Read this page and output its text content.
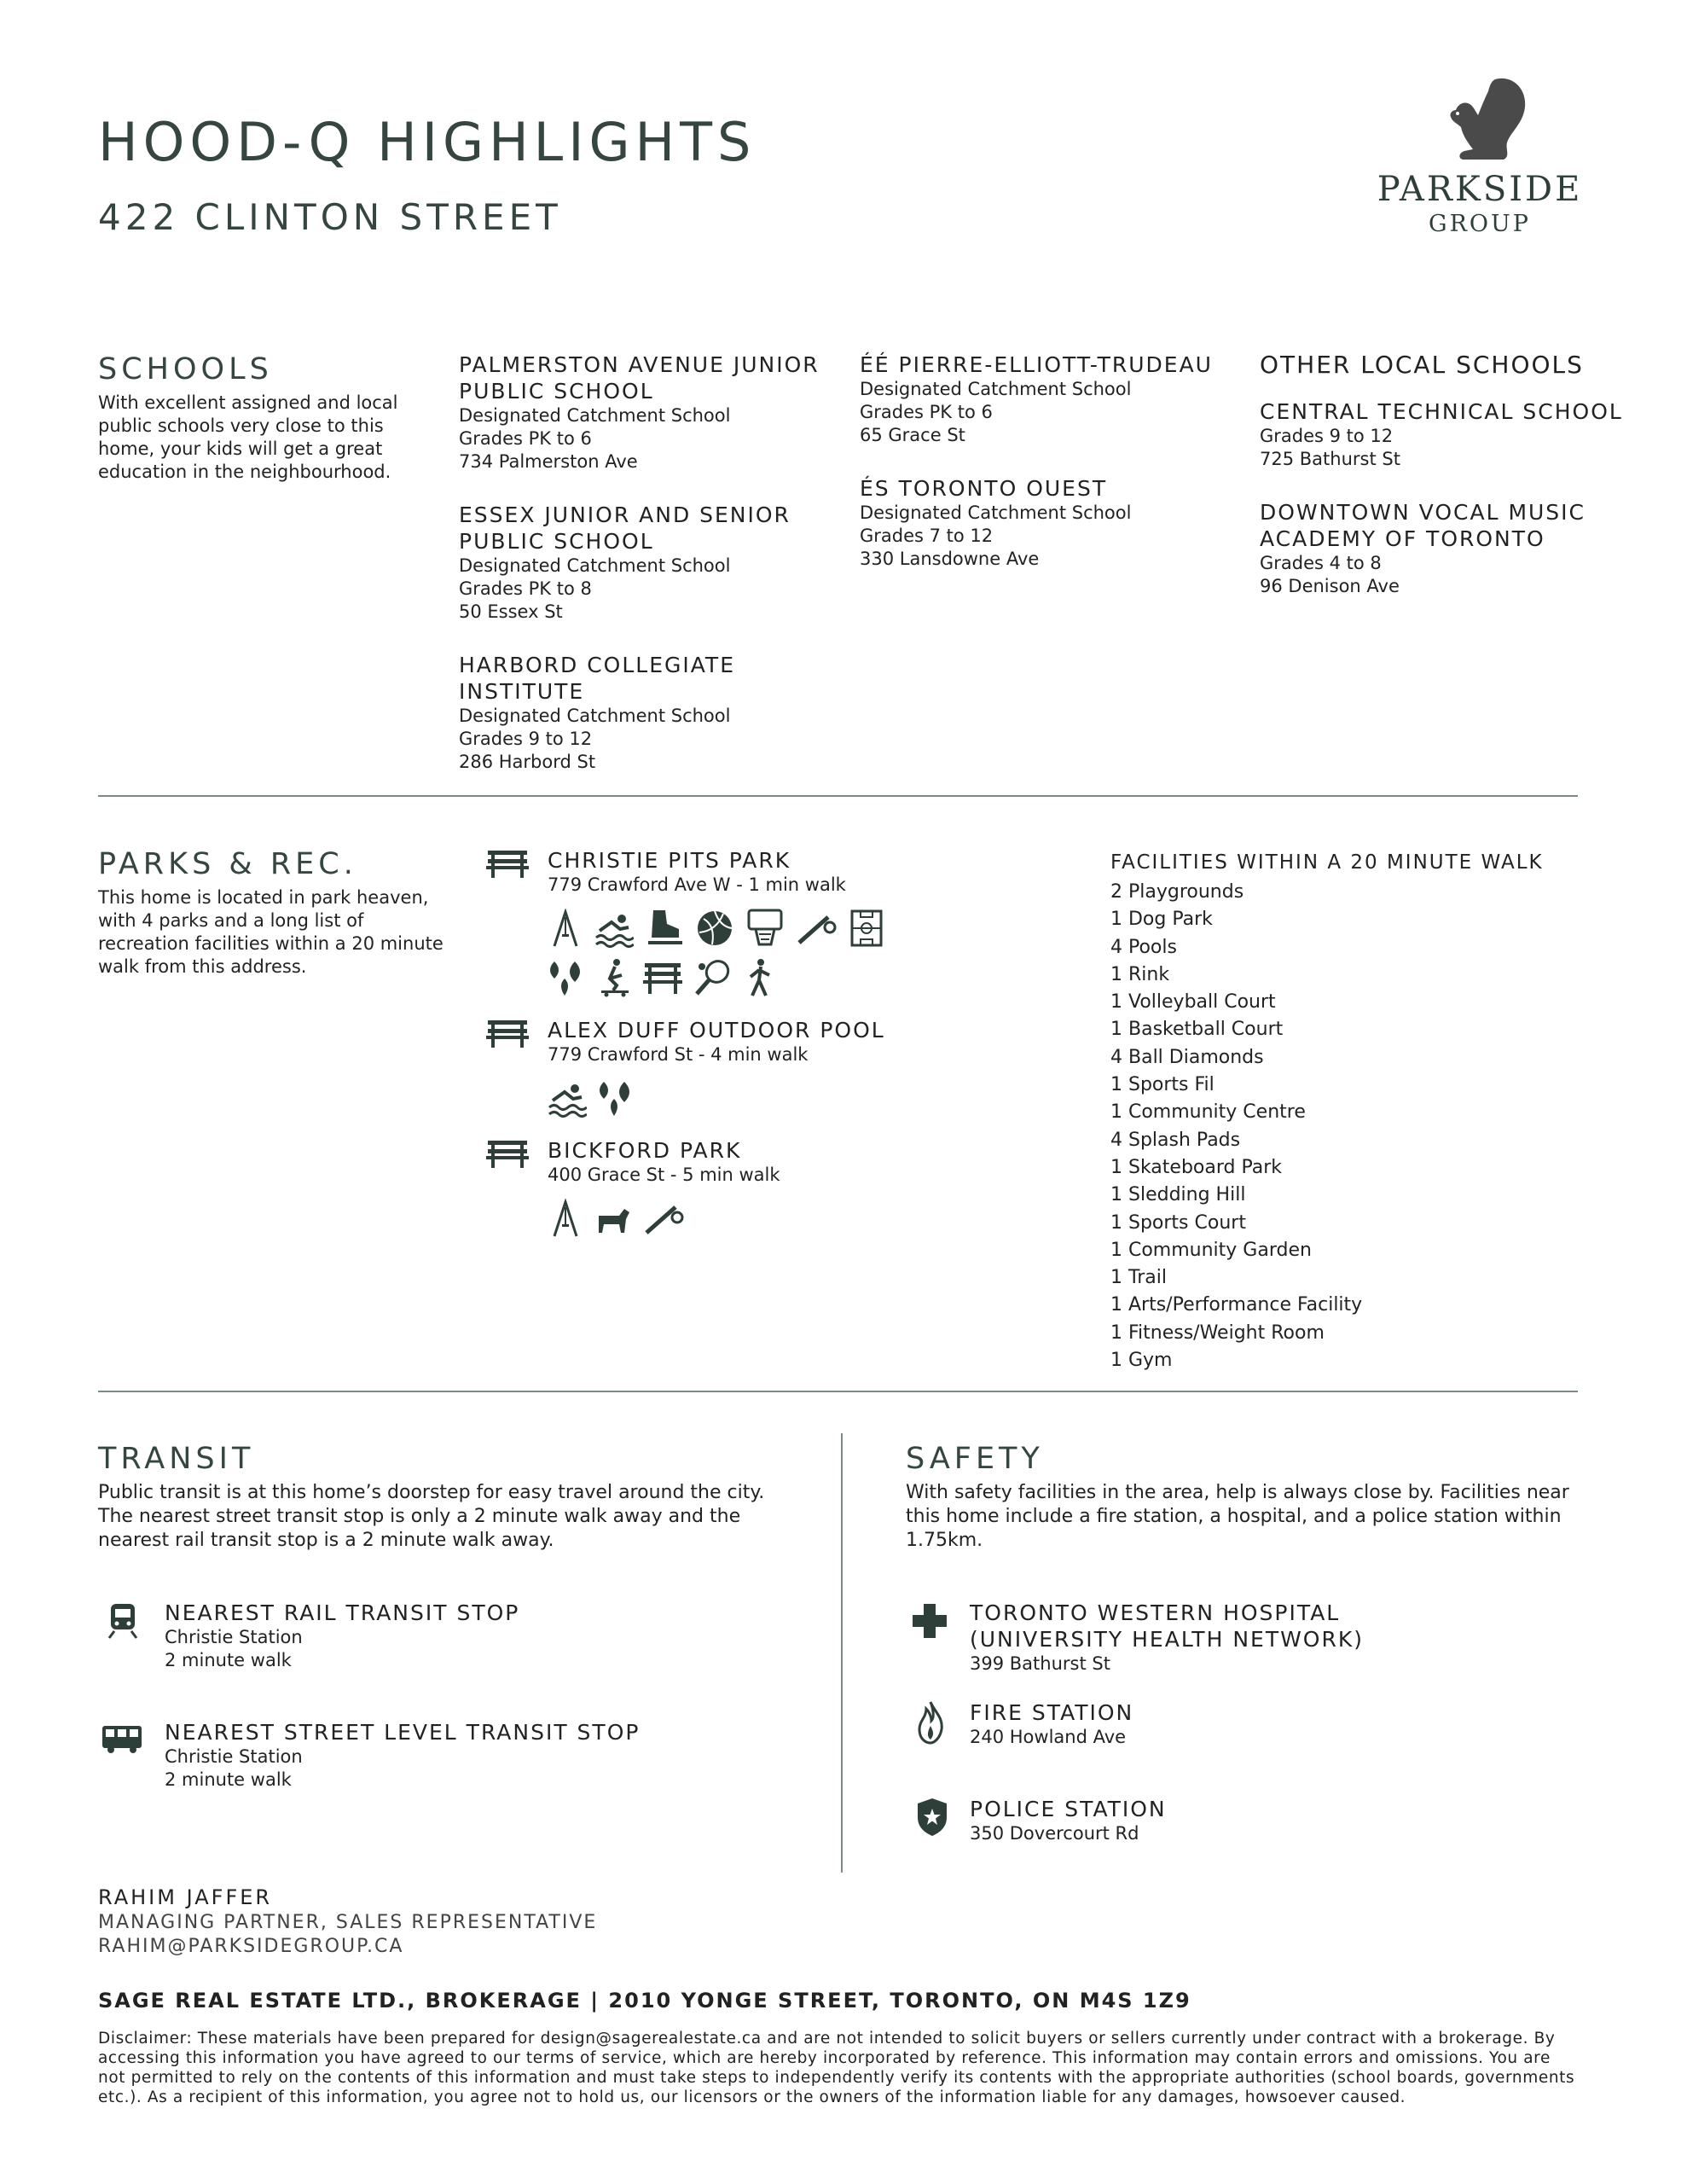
HOOD-Q HIGHLIGHTS
422 CLINTON STREET
PARKSIDE
GROUP
SCHOOLS
With excellent assigned and local public schools very close to this home, your kids will get a great education in the neighbourhood.
PALMERSTON AVENUE JUNIOR PUBLIC SCHOOL
Designated Catchment School
Grades PK to 6
734 Palmerston Ave
ESSEX JUNIOR AND SENIOR PUBLIC SCHOOL
Designated Catchment School
Grades PK to 8
50 Essex St
HARBORD COLLEGIATE INSTITUTE
Designated Catchment School
Grades 9 to 12
286 Harbord St
ÉÉ PIERRE-ELLIOTT-TRUDEAU
Designated Catchment School
Grades PK to 6
65 Grace St
ÉS TORONTO OUEST
Designated Catchment School
Grades 7 to 12
330 Lansdowne Ave
OTHER LOCAL SCHOOLS
CENTRAL TECHNICAL SCHOOL
Grades 9 to 12
725 Bathurst St
DOWNTOWN VOCAL MUSIC ACADEMY OF TORONTO
Grades 4 to 8
96 Denison Ave
PARKS & REC.
This home is located in park heaven, with 4 parks and a long list of recreation facilities within a 20 minute walk from this address.
CHRISTIE PITS PARK
779 Crawford Ave W - 1 min walk
ALEX DUFF OUTDOOR POOL
779 Crawford St - 4 min walk
BICKFORD PARK
400 Grace St - 5 min walk
FACILITIES WITHIN A 20 MINUTE WALK
2 Playgrounds
1 Dog Park
4 Pools
1 Rink
1 Volleyball Court
1 Basketball Court
4 Ball Diamonds
1 Sports Fil
1 Community Centre
4 Splash Pads
1 Skateboard Park
1 Sledding Hill
1 Sports Court
1 Community Garden
1 Trail
1 Arts/Performance Facility
1 Fitness/Weight Room
1 Gym
TRANSIT
Public transit is at this home’s doorstep for easy travel around the city. The nearest street transit stop is only a 2 minute walk away and the nearest rail transit stop is a 2 minute walk away.
NEAREST RAIL TRANSIT STOP
Christie Station
2 minute walk
NEAREST STREET LEVEL TRANSIT STOP
Christie Station
2 minute walk
SAFETY
With safety facilities in the area, help is always close by. Facilities near this home include a fire station, a hospital, and a police station within 1.75km.
TORONTO WESTERN HOSPITAL (UNIVERSITY HEALTH NETWORK)
399 Bathurst St
FIRE STATION
240 Howland Ave
POLICE STATION
350 Dovercourt Rd
RAHIM JAFFER
MANAGING PARTNER, SALES REPRESENTATIVE
RAHIM@PARKSIDEGROUP.CA
SAGE REAL ESTATE LTD., BROKERAGE | 2010 YONGE STREET, TORONTO, ON M4S 1Z9
Disclaimer: These materials have been prepared for design@sagerealestate.ca and are not intended to solicit buyers or sellers currently under contract with a brokerage. By accessing this information you have agreed to our terms of service, which are hereby incorporated by reference. This information may contain errors and omissions. You are not permitted to rely on the contents of this information and must take steps to independently verify its contents with the appropriate authorities (school boards, governments etc.). As a recipient of this information, you agree not to hold us, our licensors or the owners of the information liable for any damages, howsoever caused.
